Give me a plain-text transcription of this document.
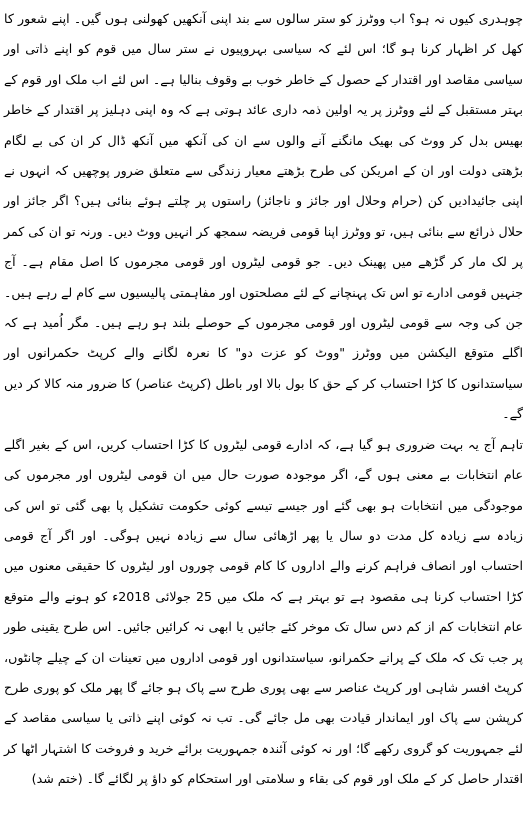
چوہدری کیوں نہ ہو؟ اب ووٹرز کو ستر سالوں سے بند اپنی آنکھیں کھولنی ہوں گیں۔ اپنے شعور کا کھل کر اظہار کرنا ہو گا؛ اس لئے کہ سیاسی بہروپیوں نے ستر سال میں قوم کو اپنے ذاتی اور سیاسی مقاصد اور اقتدار کے حصول کے خاطر خوب بے وقوف بنالیا ہے۔ اس لئے اب ملک اور قوم کے بہتر مستقبل کے لئے ووٹرز پر یہ اولین ذمہ داری عائد ہوتی ہے کہ وہ اپنی دہلیز پر اقتدار کے خاطر بھیس بدل کر ووٹ کی بھیک مانگنے آنے والوں سے ان کی آنکھ میں آنکھ ڈال کر ان کی بے لگام بڑھتی دولت اور ان کے امریکن کی طرح بڑھتے معیار زندگی سے متعلق ضرور پوچھیں کہ انہوں نے اپنی جائیدادیں کن (حرام وحلال اور جائز و ناجائز) راستوں پر چلتے ہوئے بنائی ہیں؟ اگر جائز اور حلال ذرائع سے بنائی ہیں، تو ووٹرز اپنا قومی فریضہ سمجھ کر انہیں ووٹ دیں۔ ورنہ تو ان کی کمر پر لک مار کر گڑھے میں پھینک دیں۔ جو قومی لیٹروں اور قومی مجرموں کا اصل مقام ہے۔ آج جنہیں قومی ادارے تو اس تک پہنچانے کے لئے مصلحتوں اور مفاہمتی پالیسیوں سے کام لے رہے ہیں۔ جن کی وجہ سے قومی لیٹروں اور قومی مجرموں کے حوصلے بلند ہو رہے ہیں۔ مگر اُمید ہے کہ اگلے متوقع الیکشن میں ووٹرز "ووٹ کو عزت دو" کا نعرہ لگانے والے کرپٹ حکمرانوں اور سیاستدانوں کا کڑا احتساب کر کے حق کا بول بالا اور باطل (کرپٹ عناصر) کا ضرور منہ کالا کر دیں گے۔

تاہم آج یہ بہت ضروری ہو گیا ہے، کہ ادارے قومی لیٹروں کا کڑا احتساب کریں، اس کے بغیر اگلے عام انتخابات بے معنی ہوں گے، اگر موجودہ صورت حال میں ان قومی لیٹروں اور مجرموں کی موجودگی میں انتخابات ہو بھی گئے اور جیسے تیسے کوئی حکومت تشکیل پا بھی گئی تو اس کی زیادہ سے زیادہ کل مدت دو سال یا پھر اڑھائی سال سے زیادہ نہیں ہوگی۔ اور اگر آج قومی احتساب اور انصاف فراہم کرنے والے اداروں کا کام قومی چوروں اور لیٹروں کا حقیقی معنوں میں کڑا احتساب کرنا ہی مقصود ہے تو بہتر ہے کہ ملک میں 25 جولائی 2018ء کو ہونے والے متوقع عام انتخابات کم از کم دس سال تک موخر کئے جائیں یا ابھی نہ کرائیں جائیں۔ اس طرح یقینی طور پر جب تک کہ ملک کے پرانے حکمرانو، سیاستدانوں اور قومی اداروں میں تعینات ان کے چیلے چانٹوں، کرپٹ افسر شاہی اور کرپٹ عناصر سے بھی پوری طرح سے پاک ہو جائے گا پھر ملک کو پوری طرح کرپشن سے پاک اور ایماندار قیادت بھی مل جائے گی۔ تب نہ کوئی اپنے ذاتی یا سیاسی مقاصد کے لئے جمہوریت کو گروی رکھے گا؛ اور نہ کوئی آئندہ جمہوریت برائے خرید و فروخت کا اشتہار اٹھا کر اقتدار حاصل کر کے ملک اور قوم کی بقاء و سلامتی اور استحکام کو داؤ پر لگائے گا۔ (ختم شد)
